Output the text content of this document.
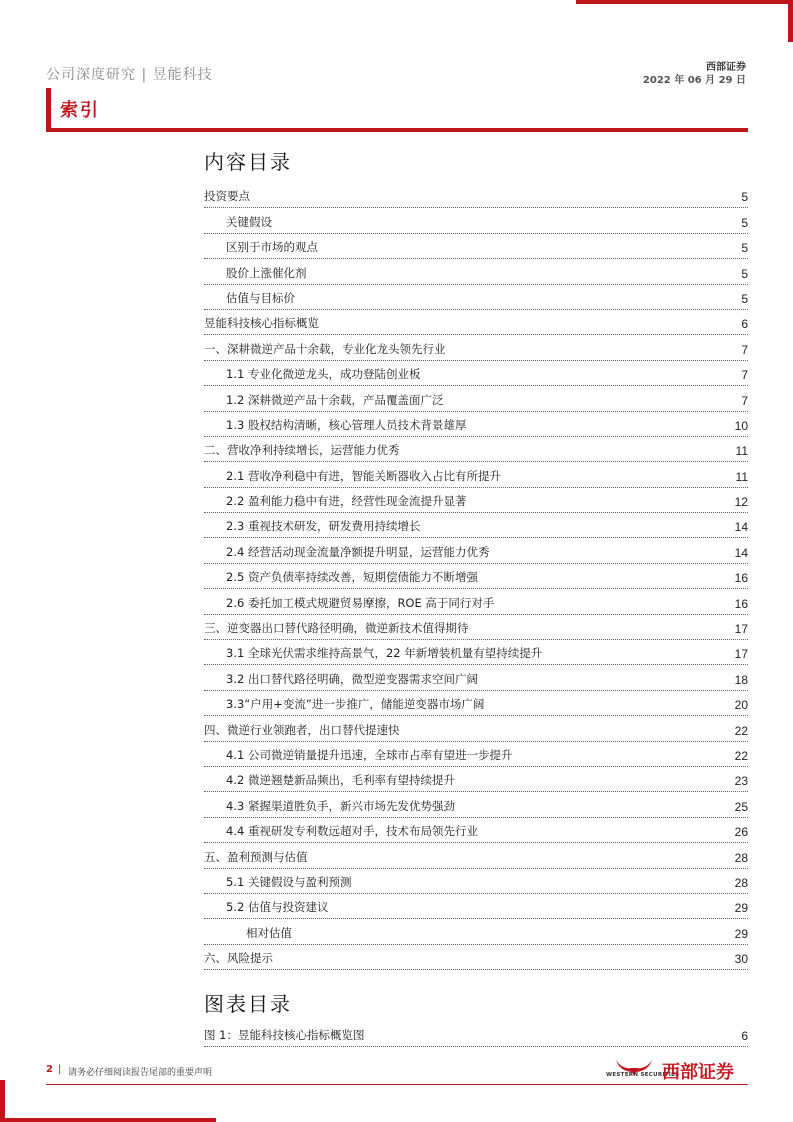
公司深度研究 | 昱能科技	西部证券
2022 年 06 月 29 日
索引
内容目录
投资要点	5
关键假设	5
区别于市场的观点	5
股价上涨催化剂	5
估值与目标价	5
昱能科技核心指标概览	6
一、深耕微逆产品十余载，专业化龙头领先行业	7
1.1 专业化微逆龙头，成功登陆创业板	7
1.2 深耕微逆产品十余载，产品覆盖面广泛	7
1.3 股权结构清晰，核心管理人员技术背景雄厚	10
二、营收净利持续增长，运营能力优秀	11
2.1 营收净利稳中有进，智能关断器收入占比有所提升	11
2.2 盈利能力稳中有进，经营性现金流提升显著	12
2.3 重视技术研发，研发费用持续增长	14
2.4 经营活动现金流量净额提升明显，运营能力优秀	14
2.5 资产负债率持续改善，短期偿债能力不断增强	16
2.6 委托加工模式规避贸易摩擦，ROE 高于同行对手	16
三、逆变器出口替代路径明确，微逆新技术值得期待	17
3.1 全球光伏需求维持高景气，22 年新增装机量有望持续提升	17
3.2 出口替代路径明确，微型逆变器需求空间广阔	18
3.3“户用+变流”进一步推广，储能逆变器市场广阔	20
四、微逆行业领跑者，出口替代提速快	22
4.1 公司微逆销量提升迅速，全球市占率有望进一步提升	22
4.2 微逆翘楚新品频出，毛利率有望持续提升	23
4.3 紧握渠道胜负手，新兴市场先发优势强劲	25
4.4 重视研发专利数远超对手，技术布局领先行业	26
五、盈利预测与估值	28
5.1 关键假设与盈利预测	28
5.2 估值与投资建议	29
相对估值	29
六、风险提示	30
图表目录
图 1：昱能科技核心指标概览图	6
2 | 请务必仔细阅读报告尾部的重要声明	WESTERN SECURITIES
西部证券
